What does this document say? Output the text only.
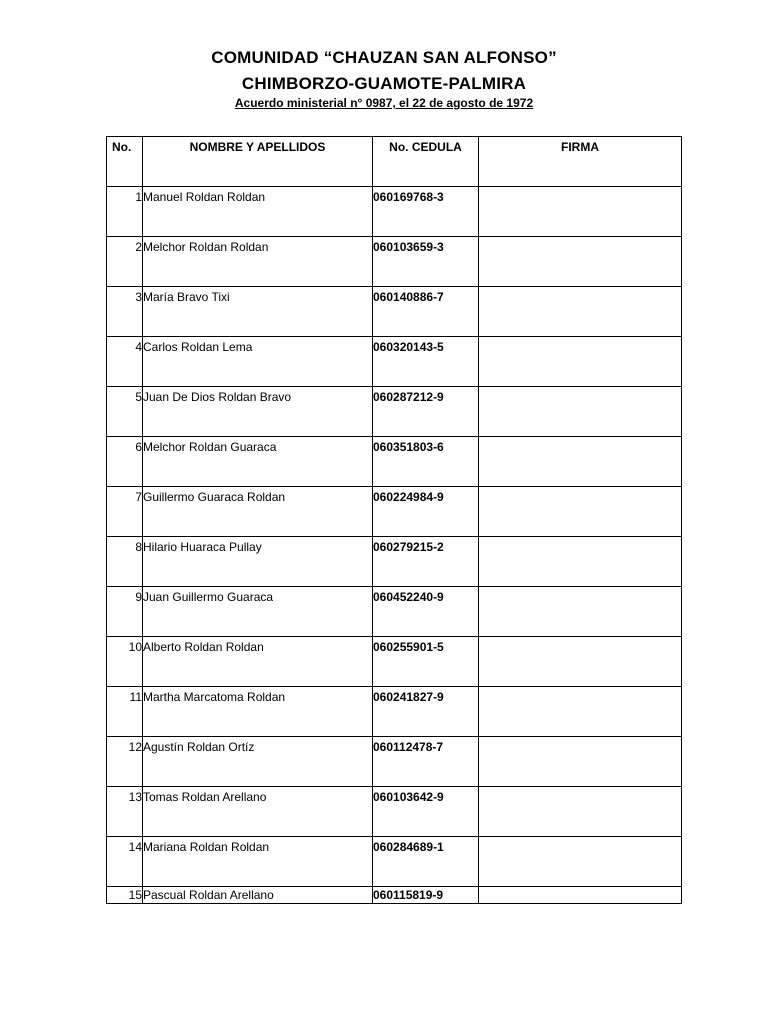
COMUNIDAD “CHAUZAN SAN ALFONSO”
CHIMBORZO-GUAMOTE-PALMIRA
Acuerdo ministerial n° 0987, el 22 de agosto de 1972
No.	NOMBRE Y APELLIDOS	No. CEDULA	FIRMA
1	Manuel Roldan Roldan	060169768-3	
2	Melchor Roldan Roldan	060103659-3	
3	María Bravo Tixi	060140886-7	
4	Carlos Roldan Lema	060320143-5	
5	Juan De Dios Roldan Bravo	060287212-9	
6	Melchor Roldan Guaraca	060351803-6	
7	Guillermo Guaraca Roldan	060224984-9	
8	Hilario Huaraca Pullay	060279215-2	
9	Juan Guillermo Guaraca	060452240-9	
10	Alberto Roldan Roldan	060255901-5	
11	Martha Marcatoma Roldan	060241827-9	
12	Agustín Roldan Ortíz	060112478-7	
13	Tomas Roldan Arellano	060103642-9	
14	Mariana Roldan Roldan	060284689-1	
15	Pascual Roldan Arellano	060115819-9	
